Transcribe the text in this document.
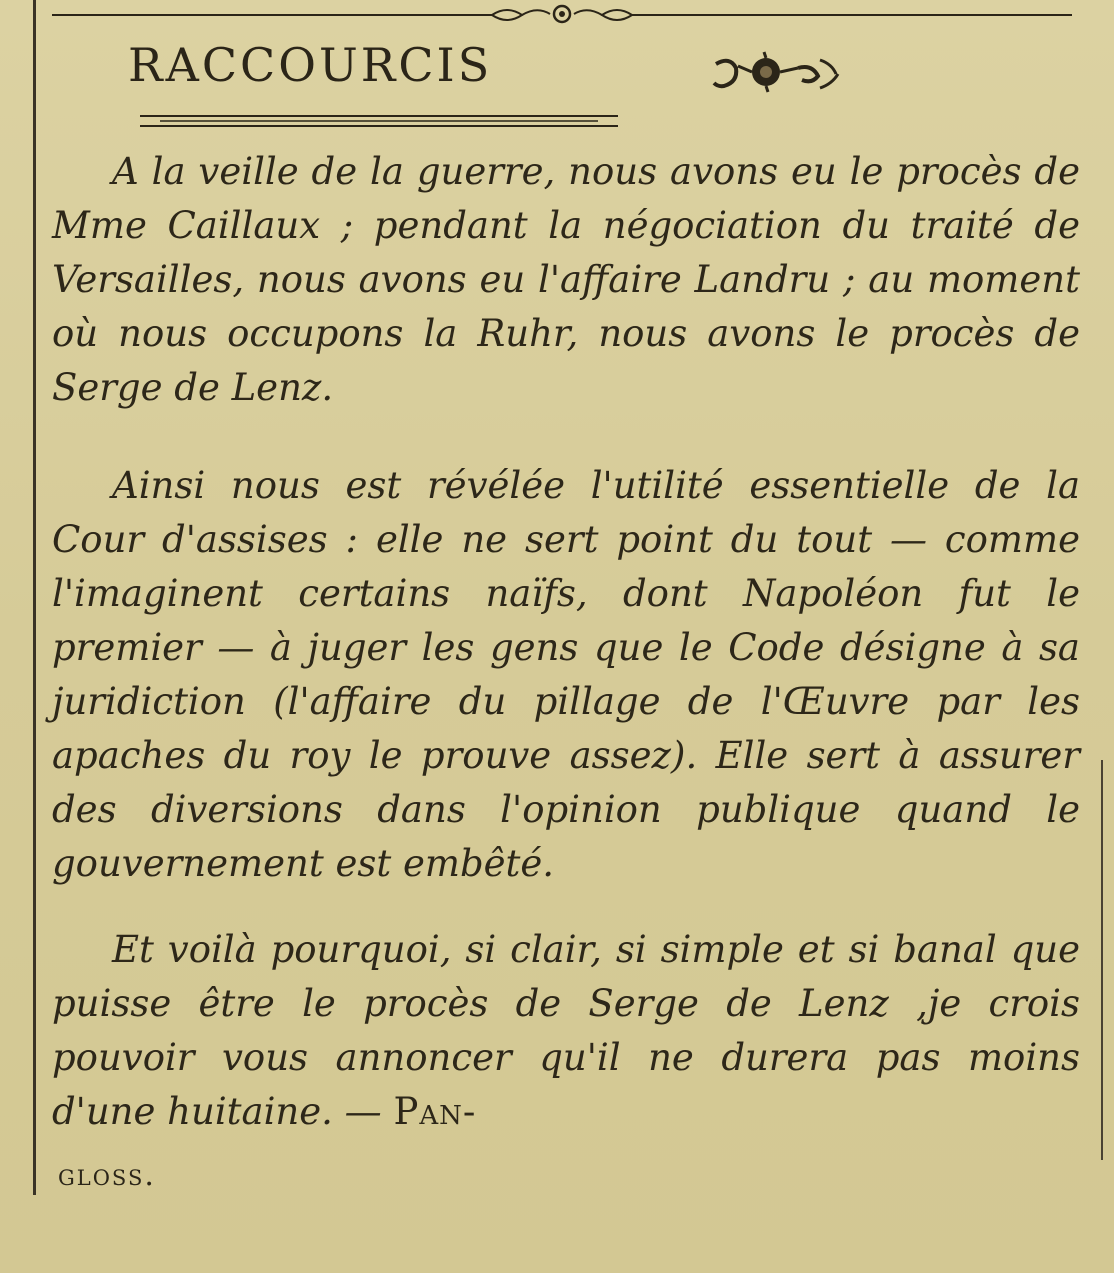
RACCOURCIS

A la veille de la guerre, nous avons eu le procès de Mme Caillaux ; pendant la négociation du traité de Versailles, nous avons eu l'affaire Landru ; au moment où nous occupons la Ruhr, nous avons le procès de Serge de Lenz.

Ainsi nous est révélée l'utilité essentielle de la Cour d'assises : elle ne sert point du tout — comme l'imaginent certains naïfs, dont Napoléon fut le premier — à juger les gens que le Code désigne à sa juridiction (l'affaire du pillage de l'Œuvre par les apaches du roy le prouve assez). Elle sert à assurer des diversions dans l'opinion publique quand le gouvernement est embêté.

Et voilà pourquoi, si clair, si simple et si banal que puisse être le procès de Serge de Lenz ,je crois pouvoir vous annoncer qu'il ne durera pas moins d'une huitaine. — Pan-

gloss.
